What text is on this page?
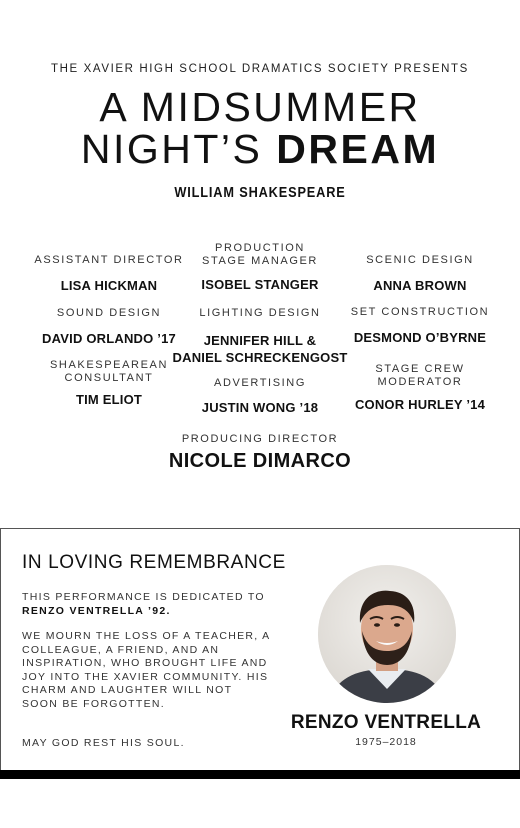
THE XAVIER HIGH SCHOOL DRAMATICS SOCIETY PRESENTS
A MIDSUMMER
NIGHT’S DREAM
WILLIAM SHAKESPEARE
ASSISTANT DIRECTOR
LISA HICKMAN
SOUND DESIGN
DAVID ORLANDO ’17
SHAKESPEAREAN
CONSULTANT
TIM ELIOT
PRODUCTION
STAGE MANAGER
ISOBEL STANGER
LIGHTING DESIGN
JENNIFER HILL &
DANIEL SCHRECKENGOST
ADVERTISING
JUSTIN WONG ’18
SCENIC DESIGN
ANNA BROWN
SET CONSTRUCTION
DESMOND O’BYRNE
STAGE CREW
MODERATOR
CONOR HURLEY ’14
PRODUCING DIRECTOR
NICOLE DIMARCO
IN LOVING REMEMBRANCE
THIS PERFORMANCE IS DEDICATED TO
RENZO VENTRELLA ’92.
WE MOURN THE LOSS OF A TEACHER, A COLLEAGUE, A FRIEND, AND AN INSPIRATION, WHO BROUGHT LIFE AND JOY INTO THE XAVIER COMMUNITY. HIS CHARM AND LAUGHTER WILL NOT SOON BE FORGOTTEN.
MAY GOD REST HIS SOUL.
RENZO VENTRELLA
1975–2018
